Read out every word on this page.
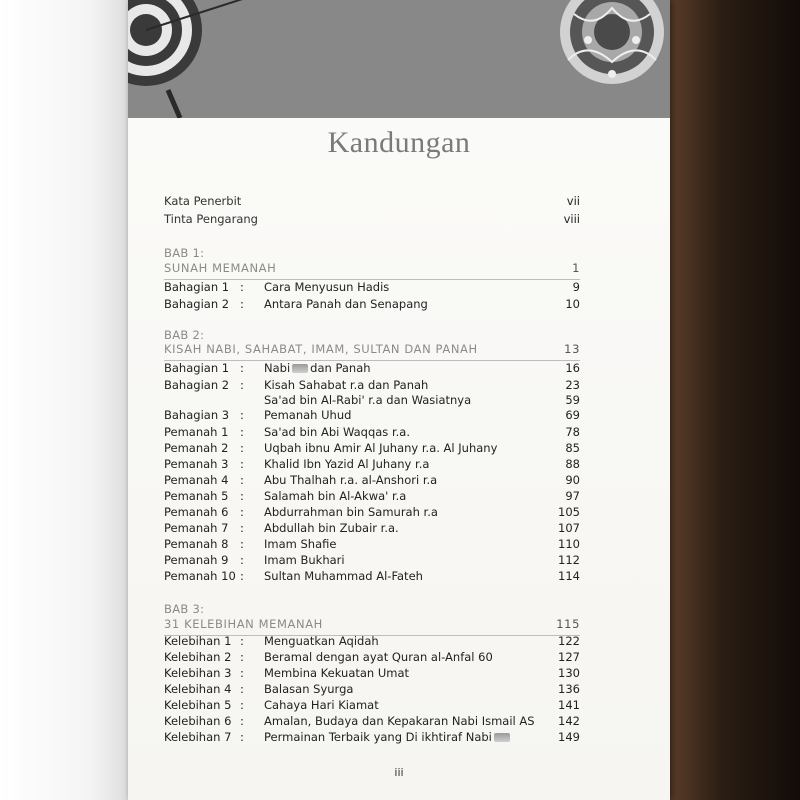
Kandungan
Kata Penerbit	vii
Tinta Pengarang	viii
BAB 1:
SUNAH MEMANAH	1
Bahagian 1 : Cara Menyusun Hadis	9
Bahagian 2 : Antara Panah dan Senapang	10
BAB 2:
KISAH NABI, SAHABAT, IMAM, SULTAN DAN PANAH	13
Bahagian 1 : Nabi dan Panah	16
Bahagian 2 : Kisah Sahabat r.a dan Panah	23
Sa'ad bin Al-Rabi' r.a dan Wasiatnya	59
Bahagian 3 : Pemanah Uhud	69
Pemanah 1 : Sa'ad bin Abi Waqqas r.a.	78
Pemanah 2 : Uqbah ibnu Amir Al Juhany r.a. Al Juhany	85
Pemanah 3 : Khalid Ibn Yazid Al Juhany r.a	88
Pemanah 4 : Abu Thalhah r.a. al-Anshori r.a	90
Pemanah 5 : Salamah bin Al-Akwa' r.a	97
Pemanah 6 : Abdurrahman bin Samurah r.a	105
Pemanah 7 : Abdullah bin Zubair r.a.	107
Pemanah 8 : Imam Shafie	110
Pemanah 9 : Imam Bukhari	112
Pemanah 10 : Sultan Muhammad Al-Fateh	114
BAB 3:
31 KELEBIHAN MEMANAH	115
Kelebihan 1 : Menguatkan Aqidah	122
Kelebihan 2 : Beramal dengan ayat Quran al-Anfal 60	127
Kelebihan 3 : Membina Kekuatan Umat	130
Kelebihan 4 : Balasan Syurga	136
Kelebihan 5 : Cahaya Hari Kiamat	141
Kelebihan 6 : Amalan, Budaya dan Kepakaran Nabi Ismail AS 142
Kelebihan 7 : Permainan Terbaik yang Di ikhtiraf Nabi	149
iii
